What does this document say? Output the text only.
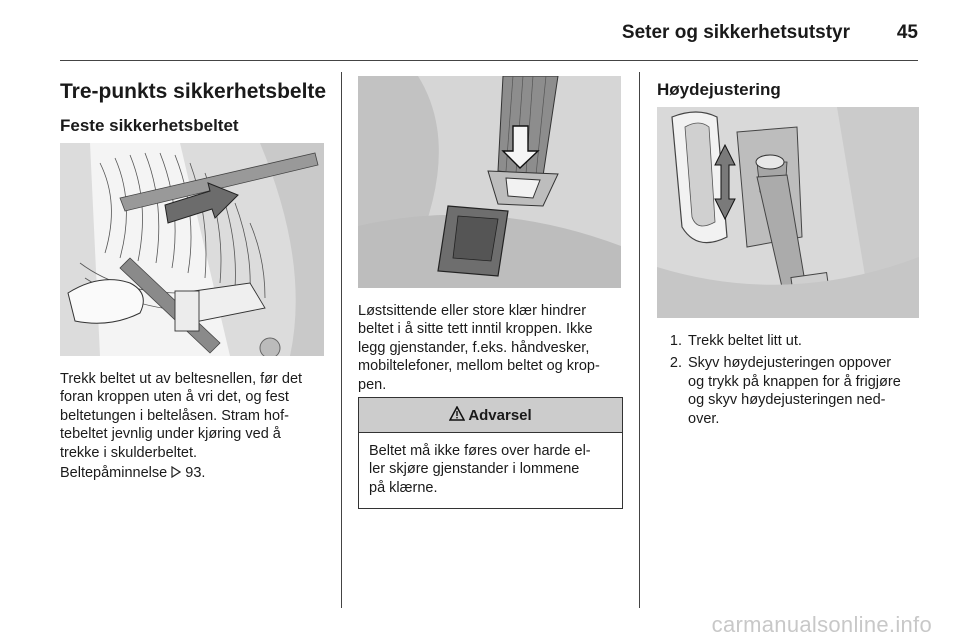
Seter og sikkerhetsutstyr 45
Tre-punkts sikkerhetsbelte
Feste sikkerhetsbeltet

Trekk beltet ut av beltesnellen, før det
foran kroppen uten å vri det, og fest
beltetungen i beltelåsen. Stram hof-
tebeltet jevnlig under kjøring ved å
trekke i skulderbeltet.

Beltepåminnelse 93.

Løstsittende eller store klær hindrer
beltet i å sitte tett inntil kroppen. Ikke
legg gjenstander, f.eks. håndvesker,
mobiltelefoner, mellom beltet og krop-
pen.

Advarsel
Beltet må ikke føres over harde el-
ler skjøre gjenstander i lommene
på klærne.
Høydejustering
1. Trekk beltet litt ut.
2. Skyv høydejusteringen oppover
og trykk på knappen for å frigjøre
og skyv høydejusteringen ned-
over.
carmanualsonline.info
